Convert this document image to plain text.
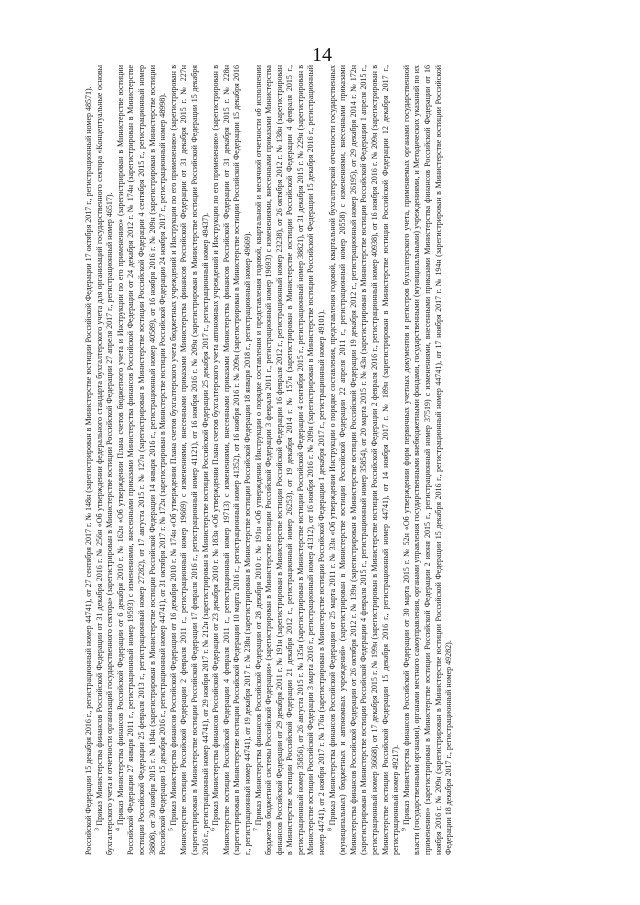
14

Российской Федерации 15 декабря 2016 г., регистрационный номер 44741), от 27 сентября 2017 г. № 148н (зарегистрирован в Министерстве юстиции Российской Федерации 17 октября 2017 г., регистрационный номер 48571). $^3$ Приказ Министерства финансов Российской Федерации от 31 декабря 2016 г. № 256н «Об утверждении федерального стандарта бухгалтерского учета для организаций государственного сектора «Концептуальные основы бухгалтерского учета и отчетности организаций государственного сектора» (зарегистрирован в Министерстве юстиции Российской Федерации 27 апреля 2017 г., регистрационный номер 46517). $^4$ Приказ Министерства финансов Российской Федерации от 6 декабря 2010 г. № 162н «Об утверждении Плана счетов бюджетного учета и Инструкции по его применению» (зарегистрирован в Министерстве юстиции Российской Федерации 27 января 2011 г., регистрационный номер 19593) с изменениями, внесенными приказами Министерства финансов Российской Федерации от 24 декабря 2012 г. № 174н (зарегистрирован в Министерстве юстиции Российской Федерации 25 февраля 2013 г., регистрационный номер 27282), от 17 августа 2015 г. № 127н (зарегистрирован в Министерстве юстиции Российской Федерации 4 сентября 2015 г., регистрационный номер 38808), от 30 ноября 2015 г. № 184н (зарегистрирован в Министерстве юстиции Российской Федерации 14 января 2016 г., регистрационный номер 40589), от 16 ноября 2016 г. № 209н (зарегистрирован в Министерстве юстиции Российской Федерации 15 декабря 2016 г., регистрационный номер 44741), от 31 октября 2017 г. № 172н (зарегистрирован в Министерстве юстиции Российской Федерации 24 ноября 2017 г., регистрационный номер 48998). $^5$ Приказ Министерства финансов Российской Федерации от 16 декабря 2010 г. № 174н «Об утверждении Плана счетов бухгалтерского учета бюджетных учреждений и Инструкции по его применению» (зарегистрирован в Министерстве юстиции Российской Федерации 2 февраля 2011 г., регистрационный номер 19669) с изменениями, внесенными приказами Министерства финансов Российской Федерации от 31 декабря 2015 г. № 227н (зарегистрирован в Министерстве юстиции Российской Федерации 17 февраля 2016 г., регистрационный номер 41121), от 16 ноября 2016 г. № 209н (зарегистрирован в Министерстве юстиции Российской Федерации 15 декабря 2016 г., регистрационный номер 44741), от 29 ноября 2017 г. № 212н (зарегистрирован в Министерстве юстиции Российской Федерации 25 декабря 2017 г., регистрационный номер 49437). $^6$ Приказ Министерства финансов Российской Федерации от 23 декабря 2010 г. № 183н «Об утверждении Плана счетов бухгалтерского учета автономных учреждений и Инструкции по его применению» (зарегистрирован в Министерстве юстиции Российской Федерации 4 февраля 2011 г., регистрационный номер 19713) с изменениями, внесенными приказами Министерства финансов Российской Федерации от 31 декабря 2015 г. № 228н (зарегистрирован в Министерстве юстиции Российской Федерации 10 марта 2016 г., регистрационный номер 41352), от 16 ноября 2016 г. № 209н (зарегистрирован в Министерстве юстиции Российской Федерации 15 декабря 2016 г., регистрационный номер 44741), от 19 декабря 2017 г. № 238н (зарегистрирован в Министерстве юстиции Российской Федерации 18 января 2018 г., регистрационный номер 49669). $^7$ Приказ Министерства финансов Российской Федерации от 28 декабря 2010 г. № 191н «Об утверждении Инструкции о порядке составления и представления годовой, квартальной и месячной отчетности об исполнении бюджетов бюджетной системы Российской Федерации» (зарегистрирован в Министерстве юстиции Российской Федерации 3 февраля 2011 г., регистрационный номер 19693) с изменениями, внесенными приказами Министерства финансов Российской Федерации от 29 декабря 2011 г. № 191н (зарегистрирован в Министерстве юстиции Российской Федерации 16 февраля 2012 г., регистрационный номер 23238), от 26 октября 2012 г. № 138н (зарегистрирован в Министерстве юстиции Российской Федерации 21 декабря 2012 г., регистрационный номер 26253), от 19 декабря 2014 г. № 157н (зарегистрирован в Министерстве юстиции Российской Федерации 4 февраля 2015 г., регистрационный номер 35856), от 26 августа 2015 г. № 135н (зарегистрирован в Министерстве юстиции Российской Федерации 4 сентября 2015 г., регистрационный номер 38821), от 31 декабря 2015 г. № 229н (зарегистрирован в Министерстве юстиции Российской Федерации 3 марта 2016 г., регистрационный номер 41312), от 16 ноября 2016 г. № 209н (зарегистрирован в Министерстве юстиции Российской Федерации 15 декабря 2016 г., регистрационный номер 44741), от 2 ноября 2017 г. № 176н (зарегистрирован в Министерстве юстиции Российской Федерации 1 декабря 2017 г., регистрационный номер 49101). $^8$ Приказ Министерства финансов Российской Федерации от 25 марта 2011 г. № 33н «Об утверждении Инструкции о порядке составления, представления годовой, квартальной бухгалтерской отчетности государственных (муниципальных) бюджетных и автономных учреждений» (зарегистрирован в Министерстве юстиции Российской Федерации 22 апреля 2011 г., регистрационный номер 20558) с изменениями, внесенными приказами Министерства финансов Российской Федерации от 26 октября 2012 г. № 139н (зарегистрирован в Министерстве юстиции Российской Федерации 19 декабря 2012 г., регистрационный номер 26195), от 29 декабря 2014 г. № 172н (зарегистрирован в Министерстве юстиции Российской Федерации 4 февраля 2015 г., регистрационный номер 35854), от 20 марта 2015 г. № 43н (зарегистрирован в Министерстве юстиции Российской Федерации 1 апреля 2015 г., регистрационный номер 36668), от 17 декабря 2015 г. № 199н (зарегистрирован в Министерстве юстиции Российской Федерации 2 февраля 2016 г., регистрационный номер 40938), от 16 ноября 2016 г. № 209н (зарегистрирован в Министерстве юстиции Российской Федерации 15 декабря 2016 г., регистрационный номер 44741), от 14 ноября 2017 г. № 189н (зарегистрирован в Министерстве юстиции Российской Федерации 12 декабря 2017 г., регистрационный номер 49217). $^9$ Приказ Министерства финансов Российской Федерации от 30 марта 2015 г. № 52н «Об утверждении форм первичных учетных документов и регистров бухгалтерского учета, применяемых органами государственной власти (государственными органами), органами местного самоуправления, органами управления государственными внебюджетными фондами, государственными (муниципальными) учреждениями, и Методических указаний по их применению» (зарегистрирован в Министерстве юстиции Российской Федерации 2 июня 2015 г., регистрационный номер 37519) с изменениями, внесенными приказами Министерства финансов Российской Федерации от 16 ноября 2016 г. № 209н (зарегистрирован в Министерстве юстиции Российской Федерации 15 декабря 2016 г., регистрационный номер 44741), от 17 ноября 2017 г. № 194н (зарегистрирован в Министерстве юстиции Российской Федерации 18 декабря 2017 г., регистрационный номер 49282).
